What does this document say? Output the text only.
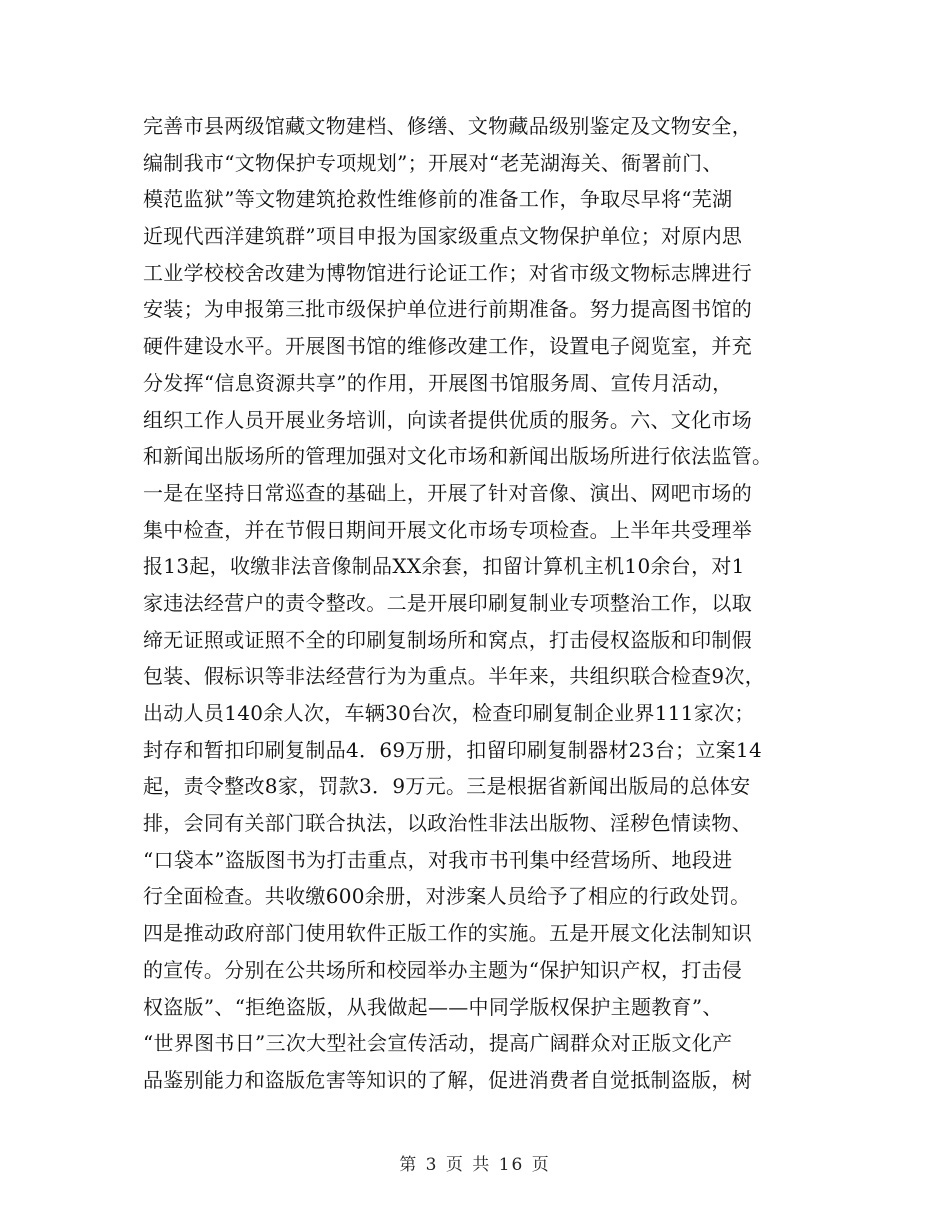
完善市县两级馆藏文物建档、修缮、文物藏品级别鉴定及文物安全，
编制我市“文物保护专项规划”；开展对“老芜湖海关、衙署前门、
模范监狱”等文物建筑抢救性维修前的准备工作，争取尽早将“芜湖
近现代西洋建筑群”项目申报为国家级重点文物保护单位；对原内思
工业学校校舍改建为博物馆进行论证工作；对省市级文物标志牌进行
安装；为申报第三批市级保护单位进行前期准备。努力提高图书馆的
硬件建设水平。开展图书馆的维修改建工作，设置电子阅览室，并充
分发挥“信息资源共享”的作用，开展图书馆服务周、宣传月活动，
组织工作人员开展业务培训，向读者提供优质的服务。六、文化市场
和新闻出版场所的管理加强对文化市场和新闻出版场所进行依法监管。
一是在坚持日常巡查的基础上，开展了针对音像、演出、网吧市场的
集中检查，并在节假日期间开展文化市场专项检查。上半年共受理举
报13起，收缴非法音像制品XX余套，扣留计算机主机10余台，对1
家违法经营户的责令整改。二是开展印刷复制业专项整治工作，以取
缔无证照或证照不全的印刷复制场所和窝点，打击侵权盗版和印制假
包装、假标识等非法经营行为为重点。半年来，共组织联合检查9次，
出动人员140余人次，车辆30台次，检查印刷复制企业界111家次；
封存和暂扣印刷复制品4．69万册，扣留印刷复制器材23台；立案14
起，责令整改8家，罚款3．9万元。三是根据省新闻出版局的总体安
排，会同有关部门联合执法，以政治性非法出版物、淫秽色情读物、
“口袋本”盗版图书为打击重点，对我市书刊集中经营场所、地段进
行全面检查。共收缴600余册，对涉案人员给予了相应的行政处罚。
四是推动政府部门使用软件正版工作的实施。五是开展文化法制知识
的宣传。分别在公共场所和校园举办主题为“保护知识产权，打击侵
权盗版”、“拒绝盗版，从我做起——中同学版权保护主题教育”、
“世界图书日”三次大型社会宣传活动，提高广阔群众对正版文化产
品鉴别能力和盗版危害等知识的了解，促进消费者自觉抵制盗版，树
第 3 页 共 16 页
